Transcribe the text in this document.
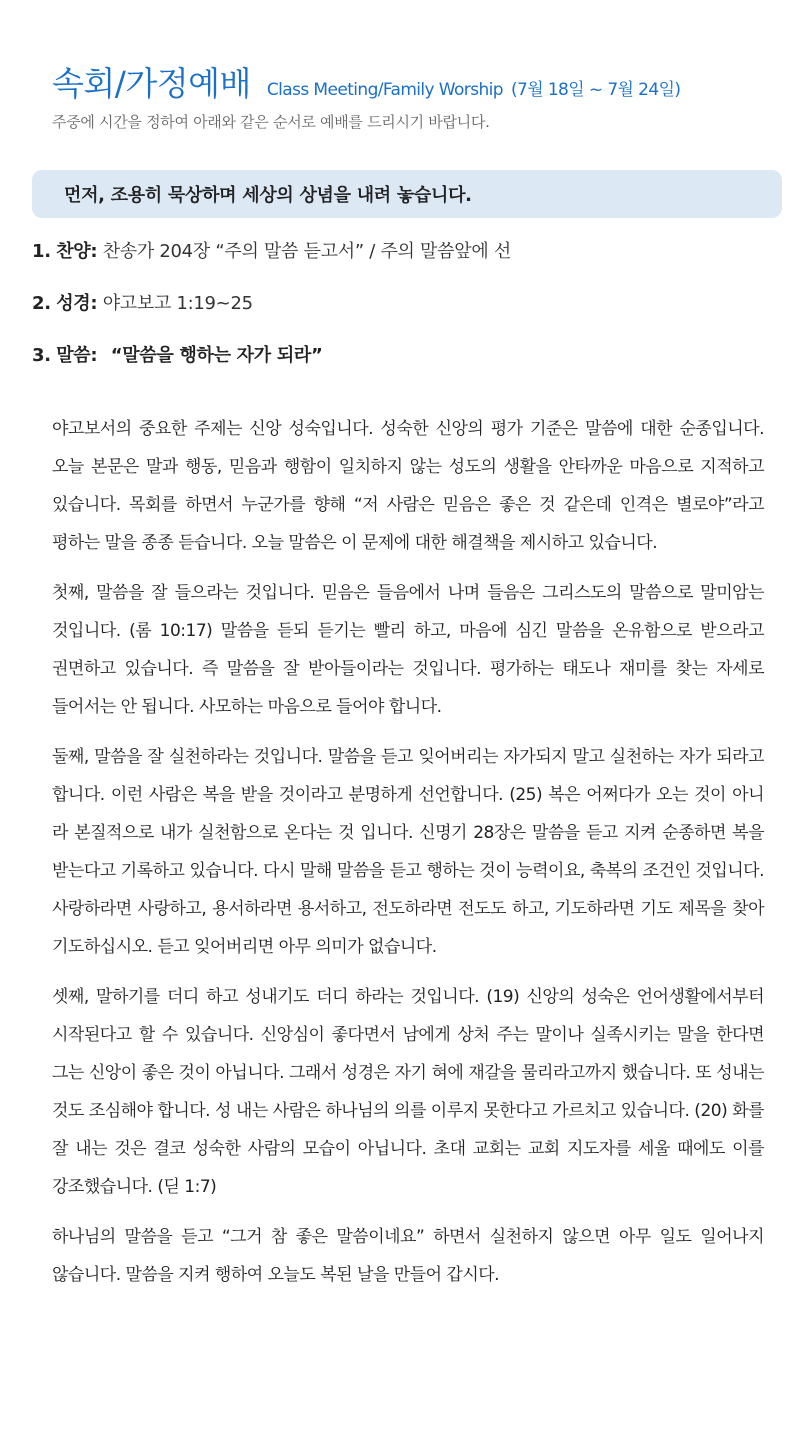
속회/가정예배 Class Meeting/Family Worship (7월 18일 ~ 7월 24일)
주중에 시간을 정하여 아래와 같은 순서로 예배를 드리시기 바랍니다.
먼저, 조용히 묵상하며 세상의 상념을 내려 놓습니다.
1. 찬양: 찬송가 204장 “주의 말씀 듣고서” / 주의 말씀앞에 선
2. 성경: 야고보고 1:19~25
3. 말씀: “말씀을 행하는 자가 되라”

야고보서의 중요한 주제는 신앙 성숙입니다. 성숙한 신앙의 평가 기준은 말씀에 대한 순종입니다. 오늘 본문은 말과 행동, 믿음과 행함이 일치하지 않는 성도의 생활을 안타까운 마음으로 지적하고 있습니다. 목회를 하면서 누군가를 향해 “저 사람은 믿음은 좋은 것 같은데 인격은 별로야”라고 평하는 말을 종종 듣습니다. 오늘 말씀은 이 문제에 대한 해결책을 제시하고 있습니다.

첫째, 말씀을 잘 들으라는 것입니다. 믿음은 들음에서 나며 들음은 그리스도의 말씀으로 말미암는 것입니다. (롬 10:17) 말씀을 듣되 듣기는 빨리 하고, 마음에 심긴 말씀을 온유함으로 받으라고 권면하고 있습니다. 즉 말씀을 잘 받아들이라는 것입니다. 평가하는 태도나 재미를 찾는 자세로 들어서는 안 됩니다. 사모하는 마음으로 들어야 합니다.

둘째, 말씀을 잘 실천하라는 것입니다. 말씀을 듣고 잊어버리는 자가되지 말고 실천하는 자가 되라고 합니다. 이런 사람은 복을 받을 것이라고 분명하게 선언합니다. (25) 복은 어쩌다가 오는 것이 아니 라 본질적으로 내가 실천함으로 온다는 것 입니다. 신명기 28장은 말씀을 듣고 지켜 순종하면 복을 받는다고 기록하고 있습니다. 다시 말해 말씀을 듣고 행하는 것이 능력이요, 축복의 조건인 것입니다. 사랑하라면 사랑하고, 용서하라면 용서하고, 전도하라면 전도도 하고, 기도하라면 기도 제목을 찾아 기도하십시오. 듣고 잊어버리면 아무 의미가 없습니다.

셋째, 말하기를 더디 하고 성내기도 더디 하라는 것입니다. (19) 신앙의 성숙은 언어생활에서부터 시작된다고 할 수 있습니다. 신앙심이 좋다면서 남에게 상처 주는 말이나 실족시키는 말을 한다면 그는 신앙이 좋은 것이 아닙니다. 그래서 성경은 자기 혀에 재갈을 물리라고까지 했습니다. 또 성내는 것도 조심해야 합니다. 성 내는 사람은 하나님의 의를 이루지 못한다고 가르치고 있습니다. (20) 화를 잘 내는 것은 결코 성숙한 사람의 모습이 아닙니다. 초대 교회는 교회 지도자를 세울 때에도 이를 강조했습니다. (딛 1:7)

하나님의 말씀을 듣고 “그거 참 좋은 말씀이네요” 하면서 실천하지 않으면 아무 일도 일어나지 않습니다. 말씀을 지켜 행하여 오늘도 복된 날을 만들어 갑시다.
